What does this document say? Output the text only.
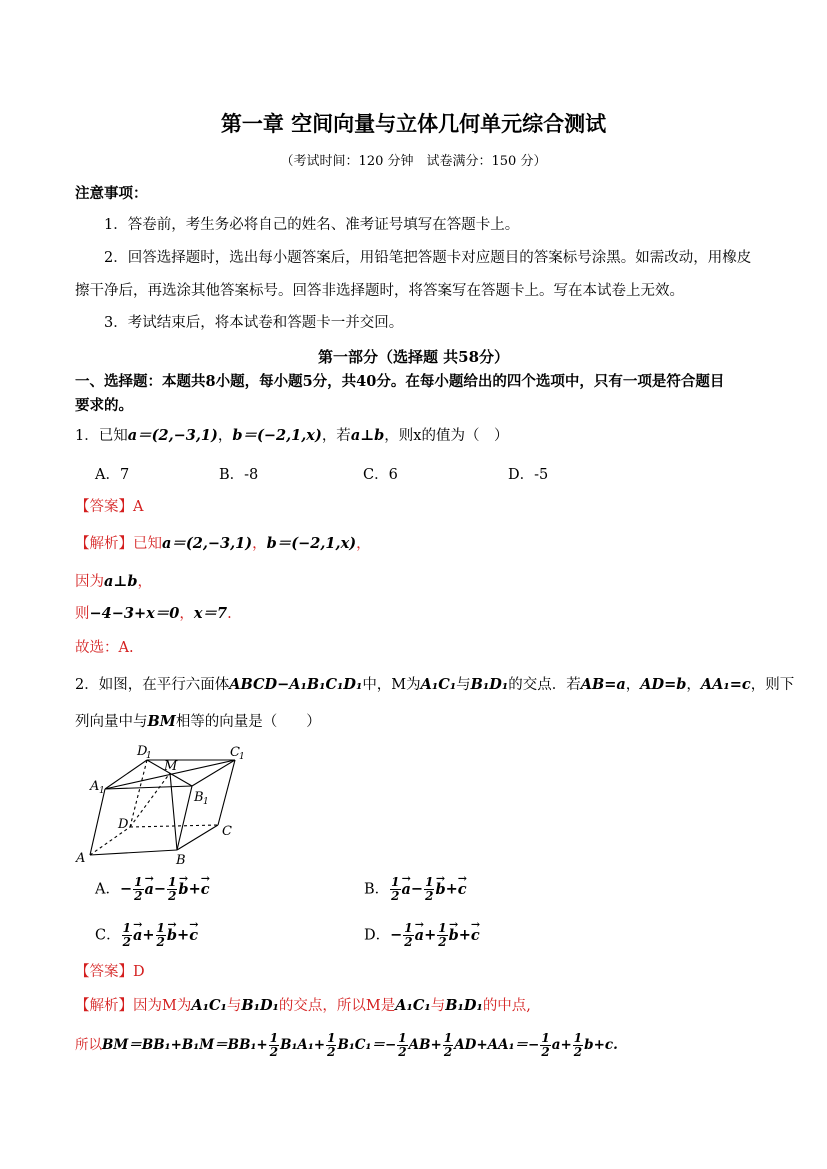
第一章 空间向量与立体几何单元综合测试
（考试时间：120 分钟　试卷满分：150 分）
注意事项：
1．答卷前，考生务必将自己的姓名、准考证号填写在答题卡上。
2．回答选择题时，选出每小题答案后，用铅笔把答题卡对应题目的答案标号涂黑。如需改动，用橡皮
擦干净后，再选涂其他答案标号。回答非选择题时，将答案写在答题卡上。写在本试卷上无效。
3．考试结束后，将本试卷和答题卡一并交回。
第一部分（选择题 共58分）
一、选择题：本题共8小题，每小题5分，共40分。在每小题给出的四个选项中，只有一项是符合题目
要求的。
1．已知a＝(2,−3,1)，b＝(−2,1,x)，若a⊥b，则x的值为（　）
A．7	B．-8	C．6	D．-5
【答案】A
【解析】已知a＝(2,−3,1)，b＝(−2,1,x)，
因为a⊥b，
则−4−3+x＝0，x＝7.
故选：A.
2．如图，在平行六面体ABCD−A₁B₁C₁D₁中，M为A₁C₁与B₁D₁的交点．若AB=a，AD=b，AA₁=c，则下
列向量中与BM相等的向量是（　　）
A	B
C
D
A 1	B 1
C 1
D
1
M
A．− $\frac{1}{2}$
→ $a- \frac{1}{2}$
→ b+→ c	B． $\frac{1}{2}$
→ $a- \frac{1}{2}$
→ b+→ c
C． $\frac{1}{2}$
→ $a+ \frac{1}{2}$
→ b+→ c	D．− $\frac{1}{2}$
→ $a+ \frac{1}{2}$
→ b+→ c
【答案】D
【解析】因为M为A₁C₁与B₁D₁的交点，所以M是A₁C₁与B₁D₁的中点,
所以$BM=BB_1+B_1M=BB_1+ \frac{1}{2} B_1A_1+ \frac{1}{2} B_1C_1=- \frac{1}{2} AB+ \frac{1}{2} AD+AA_1=- \frac{1}{2} a+ \frac{1}{2} b+c$.
